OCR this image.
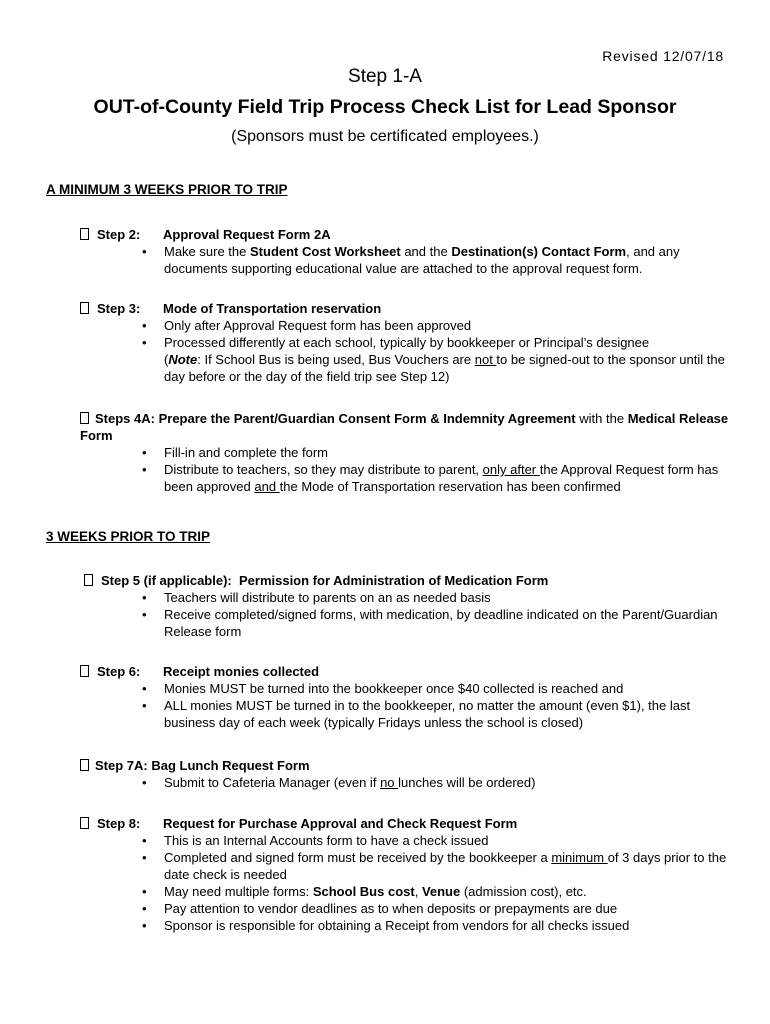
Revised 12/07/18
Step 1-A
OUT-of-County Field Trip Process Check List for Lead Sponsor
(Sponsors must be certificated employees.)
A MINIMUM 3 WEEKS PRIOR TO TRIP
Step 2: Approval Request Form 2A
• Make sure the Student Cost Worksheet and the Destination(s) Contact Form, and any documents supporting educational value are attached to the approval request form.
Step 3: Mode of Transportation reservation
• Only after Approval Request form has been approved
• Processed differently at each school, typically by bookkeeper or Principal’s designee
(Note: If School Bus is being used, Bus Vouchers are not to be signed-out to the sponsor until the day before or the day of the field trip see Step 12)
Steps 4A: Prepare the Parent/Guardian Consent Form & Indemnity Agreement with the Medical Release Form
• Fill-in and complete the form
• Distribute to teachers, so they may distribute to parent, only after the Approval Request form has been approved and the Mode of Transportation reservation has been confirmed
3 WEEKS PRIOR TO TRIP
Step 5 (if applicable): Permission for Administration of Medication Form
• Teachers will distribute to parents on an as needed basis
• Receive completed/signed forms, with medication, by deadline indicated on the Parent/Guardian Release form
Step 6: Receipt monies collected
• Monies MUST be turned into the bookkeeper once $40 collected is reached and
• ALL monies MUST be turned in to the bookkeeper, no matter the amount (even $1), the last business day of each week (typically Fridays unless the school is closed)
Step 7A: Bag Lunch Request Form
• Submit to Cafeteria Manager (even if no lunches will be ordered)
Step 8: Request for Purchase Approval and Check Request Form
• This is an Internal Accounts form to have a check issued
• Completed and signed form must be received by the bookkeeper a minimum of 3 days prior to the date check is needed
• May need multiple forms: School Bus cost, Venue (admission cost), etc.
• Pay attention to vendor deadlines as to when deposits or prepayments are due
• Sponsor is responsible for obtaining a Receipt from vendors for all checks issued
